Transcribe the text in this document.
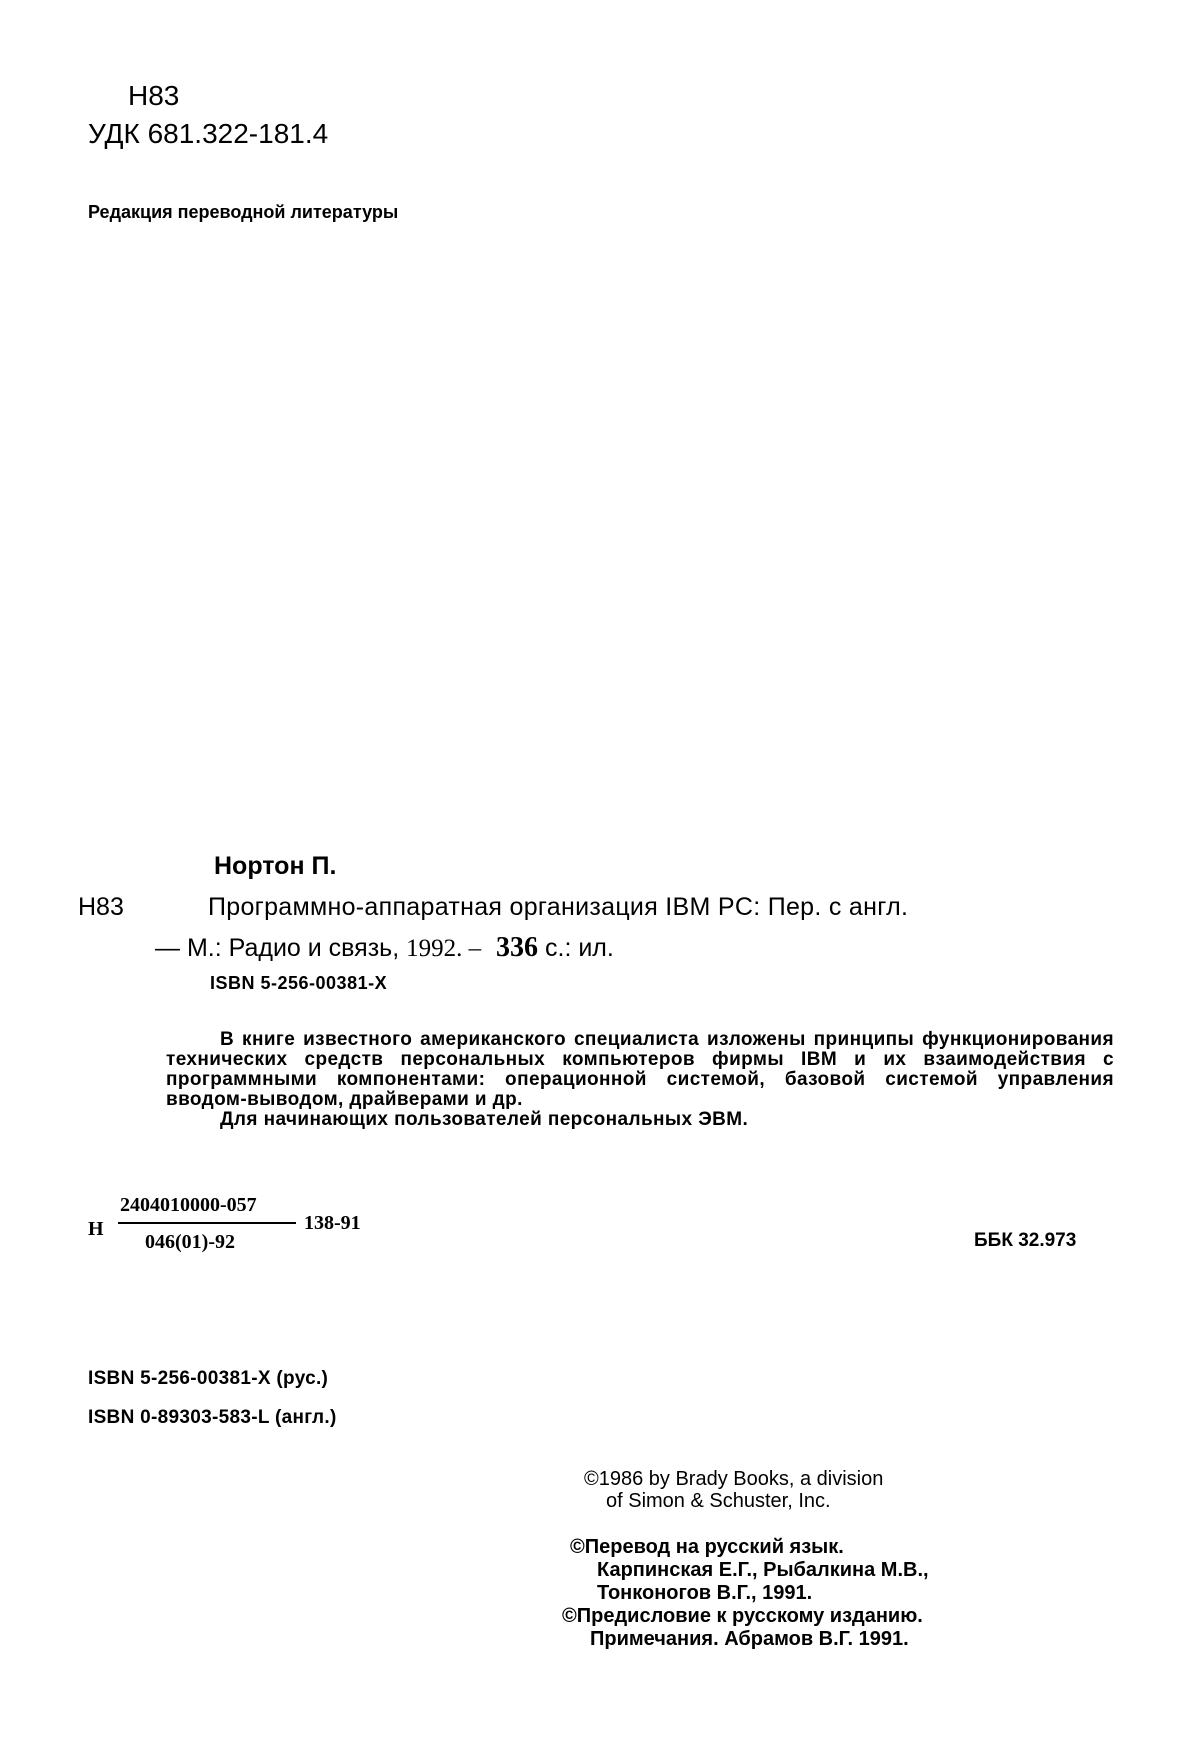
Н83
УДК 681.322-181.4
Редакция переводной литературы
Нортон П.
Н83	Программно-аппаратная организация IBM PC: Пер. с англ.
— М.: Радио и связь, 1992. – 336 с.: ил.
ISBN 5-256-00381-X

В книге известного американского специалиста изложены принципы функционирования технических средств персональных компьютеров фирмы IBM и их взаимодействия с программными компонентами: операционной системой, базовой системой управления вводом-выводом, драйверами и др.

Для начинающих пользователей персональных ЭВМ.

Н
2404010000-057
046(01)-92
138-91
ББК 32.973
ISBN 5-256-00381-X (рус.)
ISBN 0-89303-583-L (англ.)
©1986 by Brady Books, a division
of Simon & Schuster, Inc.
©Перевод на русский язык.
Карпинская Е.Г., Рыбалкина М.В.,
Тонконогов В.Г., 1991.
©Предисловие к русскому изданию.
Примечания. Абрамов В.Г. 1991.
